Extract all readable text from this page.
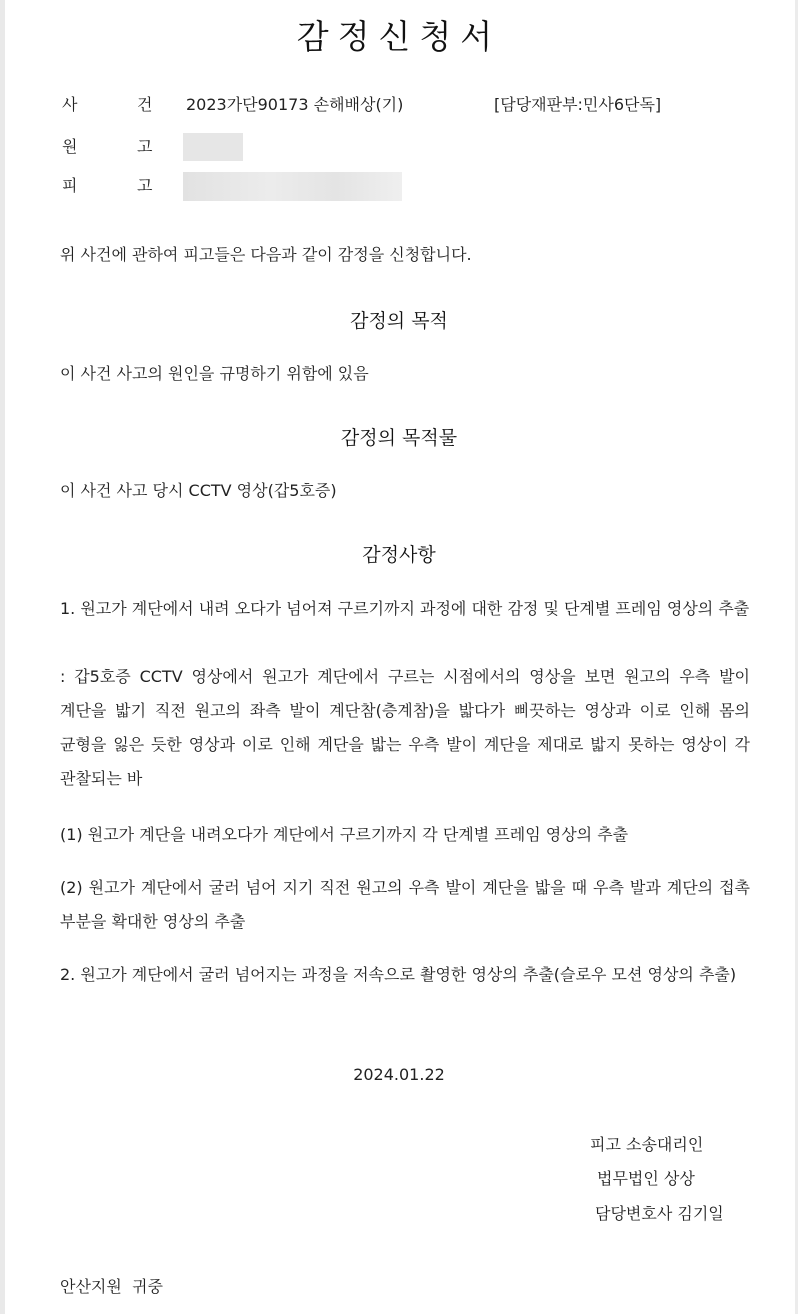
감정신청서
사	건 2023가단90173 손해배상(기)	[담당재판부:민사6단독]
원	고
피	고
위 사건에 관하여 피고들은 다음과 같이 감정을 신청합니다.
감정의 목적
이 사건 사고의 원인을 규명하기 위함에 있음
감정의 목적물
이 사건 사고 당시 CCTV 영상(갑5호증)
감정사항
1. 원고가 계단에서 내려 오다가 넘어져 구르기까지 과정에 대한 감정 및 단계별 프레임 영상의 추출
: 갑5호증 CCTV 영상에서 원고가 계단에서 구르는 시점에서의 영상을 보면 원고의 우측 발이 계단을 밟기 직전 원고의 좌측 발이 계단참(층계참)을 밟다가 삐끗하는 영상과 이로 인해 몸의 균형을 잃은 듯한 영상과 이로 인해 계단을 밟는 우측 발이 계단을 제대로 밟지 못하는 영상이 각 관찰되는 바
(1) 원고가 계단을 내려오다가 계단에서 구르기까지 각 단계별 프레임 영상의 추출
(2) 원고가 계단에서 굴러 넘어 지기 직전 원고의 우측 발이 계단을 밟을 때 우측 발과 계단의 접촉 부분을 확대한 영상의 추출
2. 원고가 계단에서 굴러 넘어지는 과정을 저속으로 촬영한 영상의 추출(슬로우 모션 영상의 추출)
2024.01.22
피고 소송대리인
법무법인 상상
담당변호사 김기일
안산지원  귀중
